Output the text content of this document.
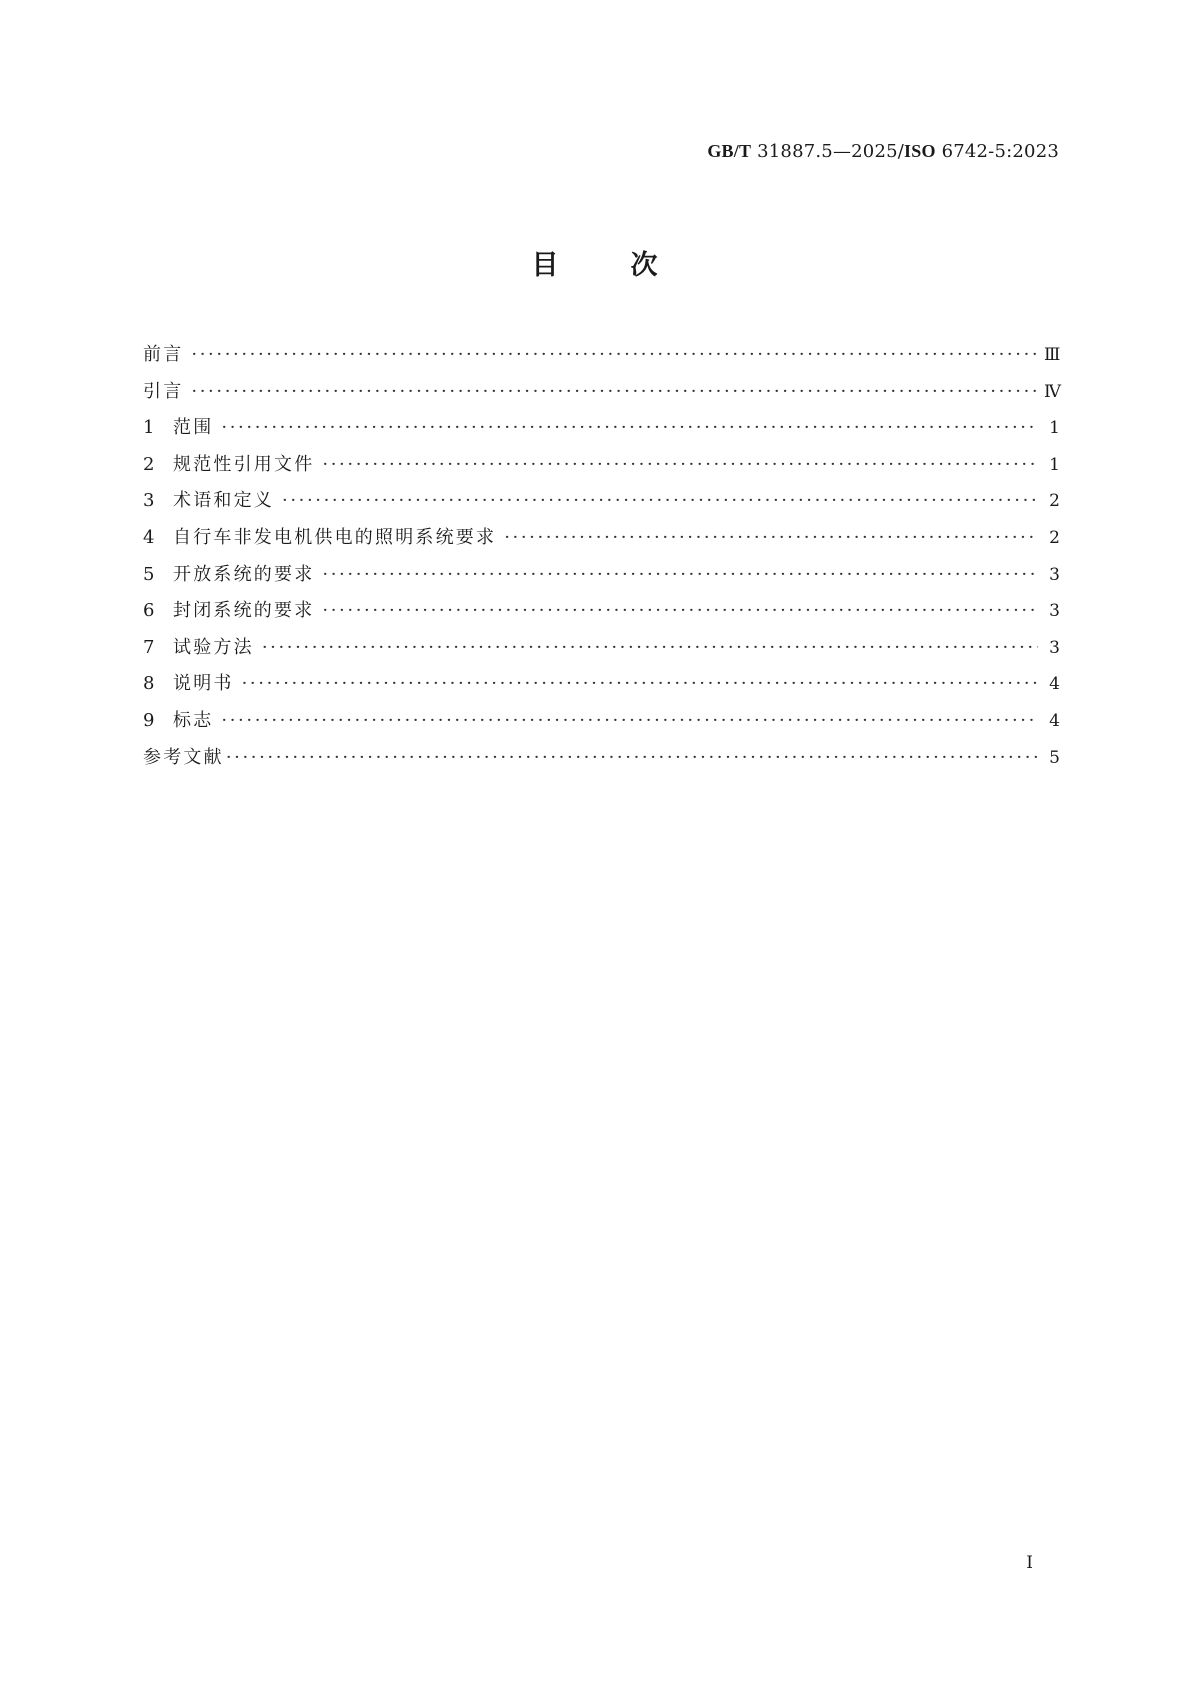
GB/T 31887.5—2025/ISO 6742-5:2023
目	次
前言 ·····	Ⅲ
引言 ·····	Ⅳ
1	范围 ·····	1
2	规范性引用文件 ·····	1
3	术语和定义 ·····	2
4	自行车非发电机供电的照明系统要求 ·····	2
5	开放系统的要求 ·····	3
6	封闭系统的要求 ·····	3
7	试验方法 ·····	3
8	说明书 ·····	4
9	标志 ·····	4
参考文献 ·····	5
Ⅰ
